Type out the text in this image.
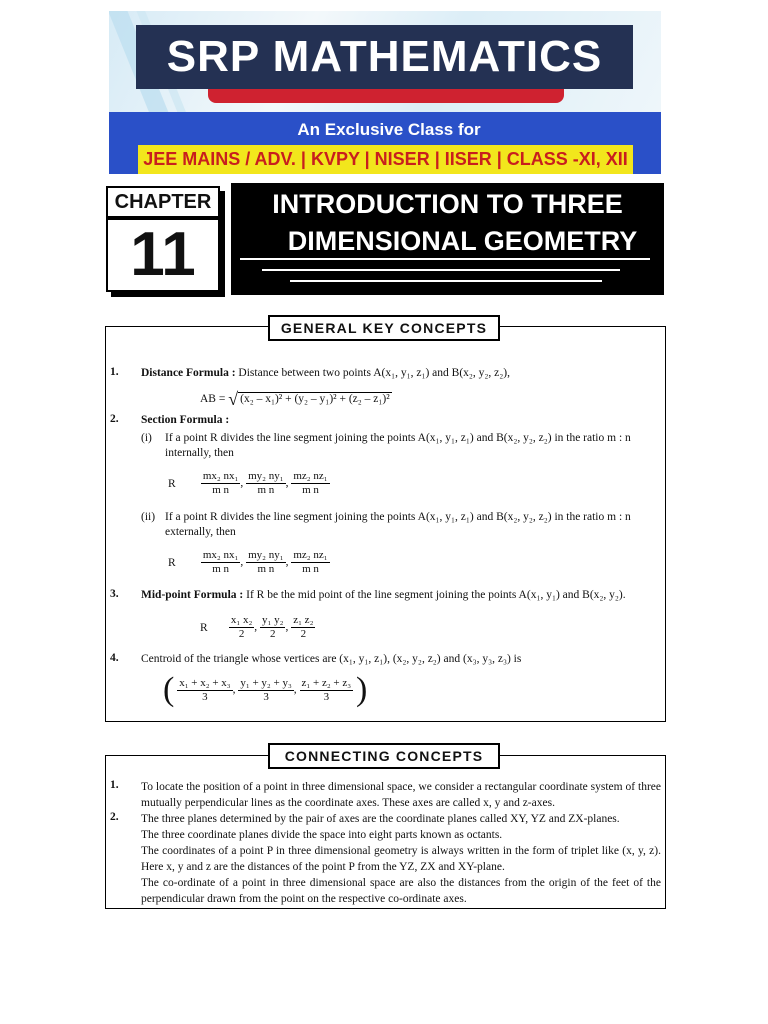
SRP MATHEMATICS
An Exclusive Class for
JEE MAINS / ADV. | KVPY | NISER | IISER | CLASS -XI, XII
CHAPTER
11
INTRODUCTION TO THREE
DIMENSIONAL GEOMETRY
GENERAL KEY CONCEPTS
1. Distance Formula : Distance between two points A(x₁, y₁, z₁) and B(x₂, y₂, z₂),
AB = √ (x₂ – x₁)² + (y₂ – y₁)² + (z₂ – z₁)²
2. Section Formula :
(i) If a point R divides the line segment joining the points A(x₁, y₁, z₁) and B(x₂, y₂, z₂) in the ratio m : n internally, then
R $\frac{\text{mx₂ nx₁}}{\text{m n}}$ , $\frac{\text{my₂ ny₁}}{\text{m n}}$ , $\frac{\text{mz₂ nz₁}}{\text{m n}}$
(ii) If a point R divides the line segment joining the points A(x₁, y₁, z₁) and B(x₂, y₂, z₂) in the ratio m : n externally, then
R $\frac{\text{mx₂ nx₁}}{\text{m n}}$ , $\frac{\text{my₂ ny₁}}{\text{m n}}$ , $\frac{\text{mz₂ nz₁}}{\text{m n}}$
3. Mid-point Formula : If R be the mid point of the line segment joining the points A(x₁, y₁) and B(x₂, y₂).
R $\frac{\text{x₁ x₂}}{2}$ , $\frac{\text{y₁ y₂}}{2}$ , $\frac{\text{z₁ z₂}}{2}$
4. Centroid of the triangle whose vertices are (x₁, y₁, z₁), (x₂, y₂, z₂) and (x₃, y₃, z₃) is
( $\frac{\text{x₁ + x₂ + x₃}}{3}$ , $\frac{\text{y₁ + y₂ + y₃}}{3}$ , $\frac{\text{z₁ + z₂ + z₃}}{3}$ )
CONNECTING CONCEPTS
1. To locate the position of a point in three dimensional space, we consider a rectangular coordinate system of three mutually perpendicular lines as the coordinate axes. These axes are called x, y and z-axes.
2. The three planes determined by the pair of axes are the coordinate planes called XY, YZ and ZX-planes.
The three coordinate planes divide the space into eight parts known as octants.
The coordinates of a point P in three dimensional geometry is always written in the form of triplet like (x, y, z). Here x, y and z are the distances of the point P from the YZ, ZX and XY-plane.
The co-ordinate of a point in three dimensional space are also the distances from the origin of the feet of the perpendicular drawn from the point on the respective co-ordinate axes.
